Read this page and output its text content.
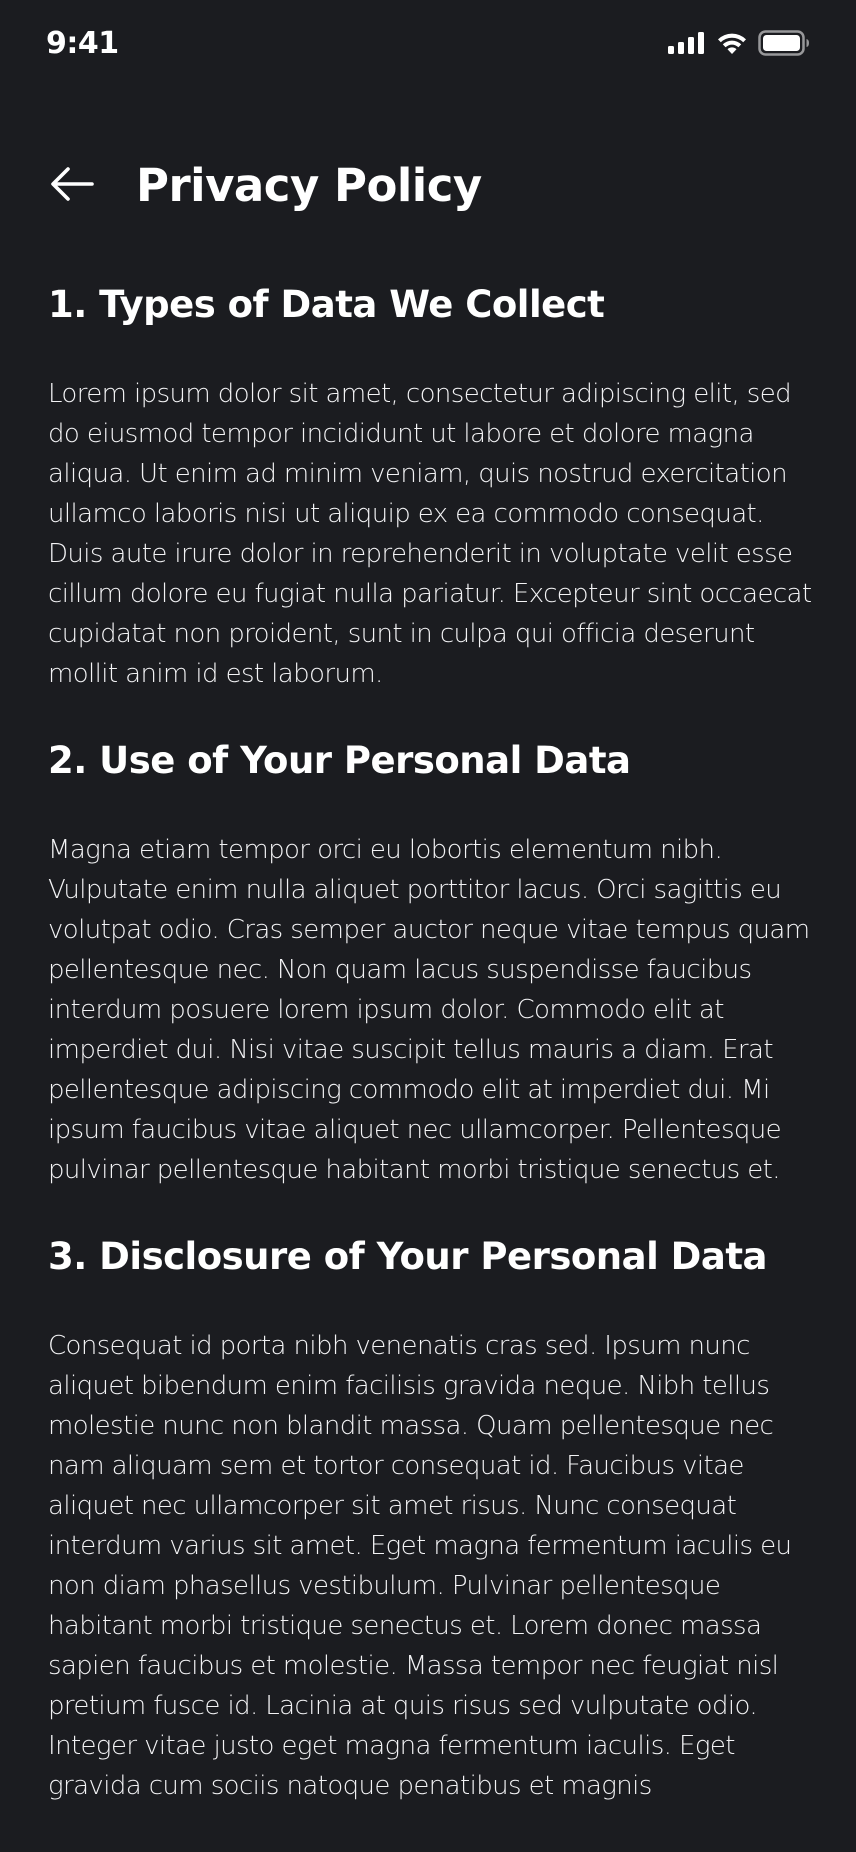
9:41
Privacy Policy
1. Types of Data We Collect

Lorem ipsum dolor sit amet, consectetur adipiscing elit, sed do eiusmod tempor incididunt ut labore et dolore magna aliqua. Ut enim ad minim veniam, quis nostrud exercitation ullamco laboris nisi ut aliquip ex ea commodo consequat. Duis aute irure dolor in reprehenderit in voluptate velit esse cillum dolore eu fugiat nulla pariatur. Excepteur sint occaecat cupidatat non proident, sunt in culpa qui officia deserunt mollit anim id est laborum.

2. Use of Your Personal Data

Magna etiam tempor orci eu lobortis elementum nibh. Vulputate enim nulla aliquet porttitor lacus. Orci sagittis eu volutpat odio. Cras semper auctor neque vitae tempus quam pellentesque nec. Non quam lacus suspendisse faucibus interdum posuere lorem ipsum dolor. Commodo elit at imperdiet dui. Nisi vitae suscipit tellus mauris a diam. Erat pellentesque adipiscing commodo elit at imperdiet dui. Mi ipsum faucibus vitae aliquet nec ullamcorper. Pellentesque pulvinar pellentesque habitant morbi tristique senectus et.

3. Disclosure of Your Personal Data

Consequat id porta nibh venenatis cras sed. Ipsum nunc aliquet bibendum enim facilisis gravida neque. Nibh tellus molestie nunc non blandit massa. Quam pellentesque nec nam aliquam sem et tortor consequat id. Faucibus vitae aliquet nec ullamcorper sit amet risus. Nunc consequat interdum varius sit amet. Eget magna fermentum iaculis eu non diam phasellus vestibulum. Pulvinar pellentesque habitant morbi tristique senectus et. Lorem donec massa sapien faucibus et molestie. Massa tempor nec feugiat nisl pretium fusce id. Lacinia at quis risus sed vulputate odio. Integer vitae justo eget magna fermentum iaculis. Eget gravida cum sociis natoque penatibus et magnis
